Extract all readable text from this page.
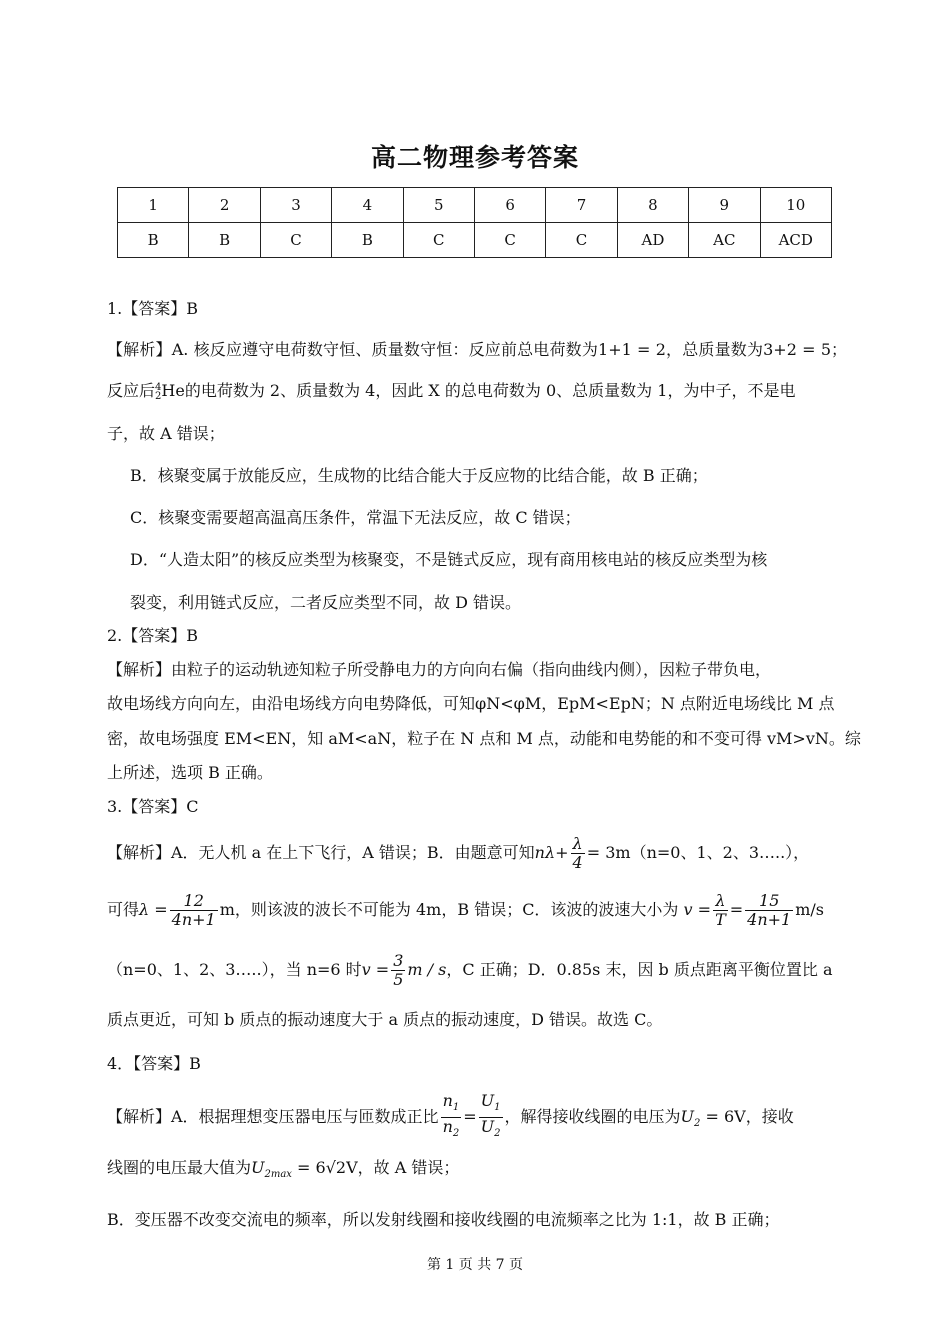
高二物理参考答案
1	2	3	4	5	6	7	8	9	10
B	B	C	B	C	C	C	AD	AC	ACD
1.【答案】B
【解析】A. 核反应遵守电荷数守恒、质量数守恒：反应前总电荷数为1+1 = 2，总质量数为3+2 = 5；
反应后 4
2 He的电荷数为 2、质量数为 4，因此 X 的总电荷数为 0、总质量数为 1，为中子，不是电
子，故 A 错误；
B．核聚变属于放能反应，生成物的比结合能大于反应物的比结合能，故 B 正确；
C．核聚变需要超高温高压条件，常温下无法反应，故 C 错误；
D．“人造太阳”的核反应类型为核聚变，不是链式反应，现有商用核电站的核反应类型为核
裂变，利用链式反应，二者反应类型不同，故 D 错误。
2.【答案】B
【解析】由粒子的运动轨迹知粒子所受静电力的方向向右偏（指向曲线内侧），因粒子带负电，
故电场线方向向左，由沿电场线方向电势降低，可知φN<φM，EpM<EpN；N 点附近电场线比 M 点
密，故电场强度 EM<EN，知 aM<aN，粒子在 N 点和 M 点，动能和电势能的和不变可得 vM>vN。综
上所述，选项 B 正确。
3.【答案】C
【解析】A．无人机 a 在上下飞行，A 错误；B．由题意可知$n\lambda+ \frac{\lambda}{4} = 3m(n=0$、1、2、3…..），
可得$\lambda = \frac{12}{4n+1}$ m，则该波的波长不可能为 4m，B 错误；C．该波的波速大小为 $v = \frac{\lambda}{T} = \frac{15}{4n+1} m/s$
（n=0、1、2、3…..），当 n=6 时$v = \frac{3}{5}$ m / s，C 正确；D．0.85s 末，因 b 质点距离平衡位置比 a
质点更近，可知 b 质点的振动速度大于 a 质点的振动速度，D 错误。故选 C。
4．【答案】B
【解析】A．根据理想变压器电压与匝数成正比 $\frac{n_1}{n_2} = \frac{U_1}{U_2}$ ，解得接收线圈的电压为$U_2 = 6V$，接收
线圈的电压最大值为$U_{2max} = 6√2V$，故 A 错误；
B．变压器不改变交流电的频率，所以发射线圈和接收线圈的电流频率之比为 1:1，故 B 正确；
第 1 页 共 7 页
